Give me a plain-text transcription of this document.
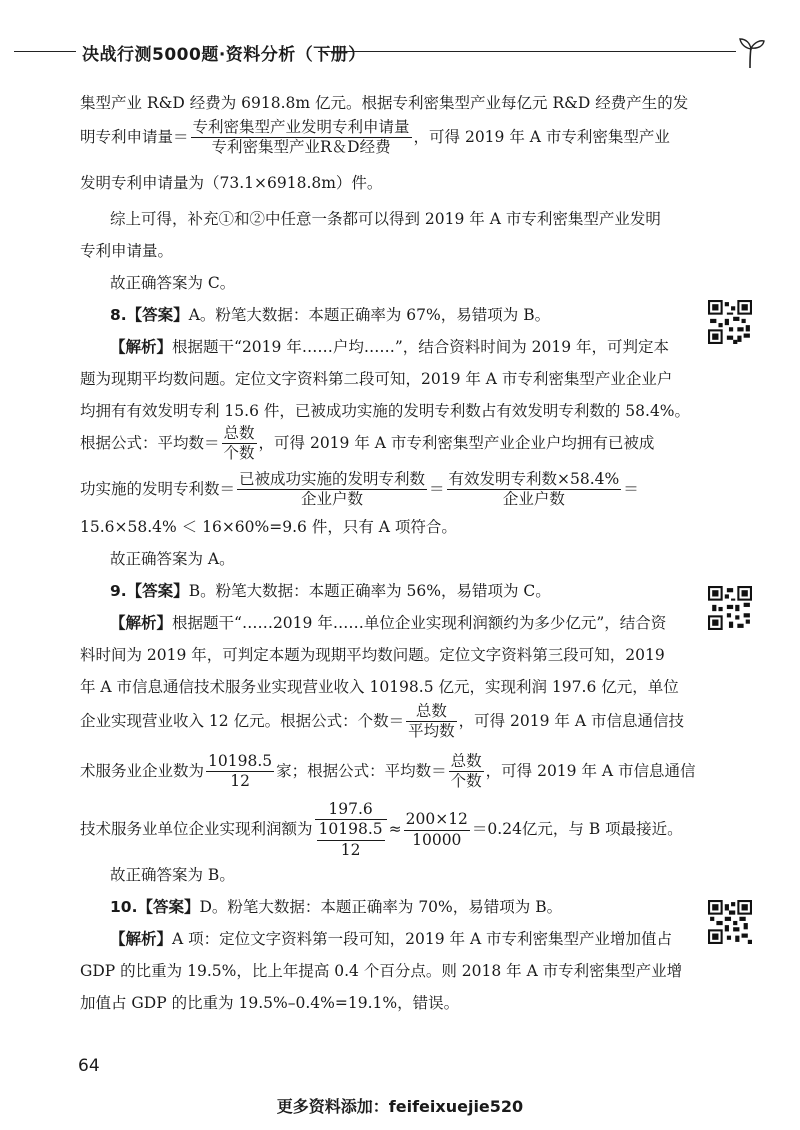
决战行测5000题·资料分析（下册）

集型产业 R&D 经费为 6918.8m 亿元。根据专利密集型产业每亿元 R&D 经费产生的发

明专利申请量＝ $\frac{\text{专利密集型产业发明专利申请量}}{\text{专利密集型产业R＆D经费}}$ ，可得 2019 年 A 市专利密集型产业

发明专利申请量为（73.1×6918.8m）件。

综上可得，补充①和②中任意一条都可以得到 2019 年 A 市专利密集型产业发明

专利申请量。

故正确答案为 C。

8.【答案】A。粉笔大数据：本题正确率为 67%，易错项为 B。

【解析】根据题干“2019 年……户均……”，结合资料时间为 2019 年，可判定本

题为现期平均数问题。定位文字资料第二段可知，2019 年 A 市专利密集型产业企业户

均拥有有效发明专利 15.6 件，已被成功实施的发明专利数占有效发明专利数的 58.4%。

根据公式：平均数＝ $\frac{\text{总数}}{\text{个数}}$ ，可得 2019 年 A 市专利密集型产业企业户均拥有已被成

功实施的发明专利数＝ $\frac{\text{已被成功实施的发明专利数}}{\text{企业户数}} = \frac{\text{有效发明专利数×58.4\%}}{\text{企业户数}}$ ＝

15.6×58.4% ＜ 16×60%=9.6 件，只有 A 项符合。

故正确答案为 A。

9.【答案】B。粉笔大数据：本题正确率为 56%，易错项为 C。

【解析】根据题干“……2019 年……单位企业实现利润额约为多少亿元”，结合资

料时间为 2019 年，可判定本题为现期平均数问题。定位文字资料第三段可知，2019

年 A 市信息通信技术服务业实现营业收入 10198.5 亿元，实现利润 197.6 亿元，单位

企业实现营业收入 12 亿元。根据公式：个数＝ $\frac{\text{总数}}{\text{平均数}}$ ，可得 2019 年 A 市信息通信技

术服务业企业数为 $\frac{10198.5}{12}$ 家；根据公式：平均数＝ $\frac{\text{总数}}{\text{个数}}$ ，可得 2019 年 A 市信息通信

技术服务业单位企业实现利润额为 $\frac{197.6}{\frac{10198.5}{12}} \approx \frac{200\times 12}{10000} =0.24$亿元，与 B 项最接近。

故正确答案为 B。

10.【答案】D。粉笔大数据：本题正确率为 70%，易错项为 B。

【解析】A 项：定位文字资料第一段可知，2019 年 A 市专利密集型产业增加值占

GDP 的比重为 19.5%，比上年提高 0.4 个百分点。则 2018 年 A 市专利密集型产业增

加值占 GDP 的比重为 19.5%–0.4%=19.1%，错误。

64
更多资料添加：feifeixuejie520
